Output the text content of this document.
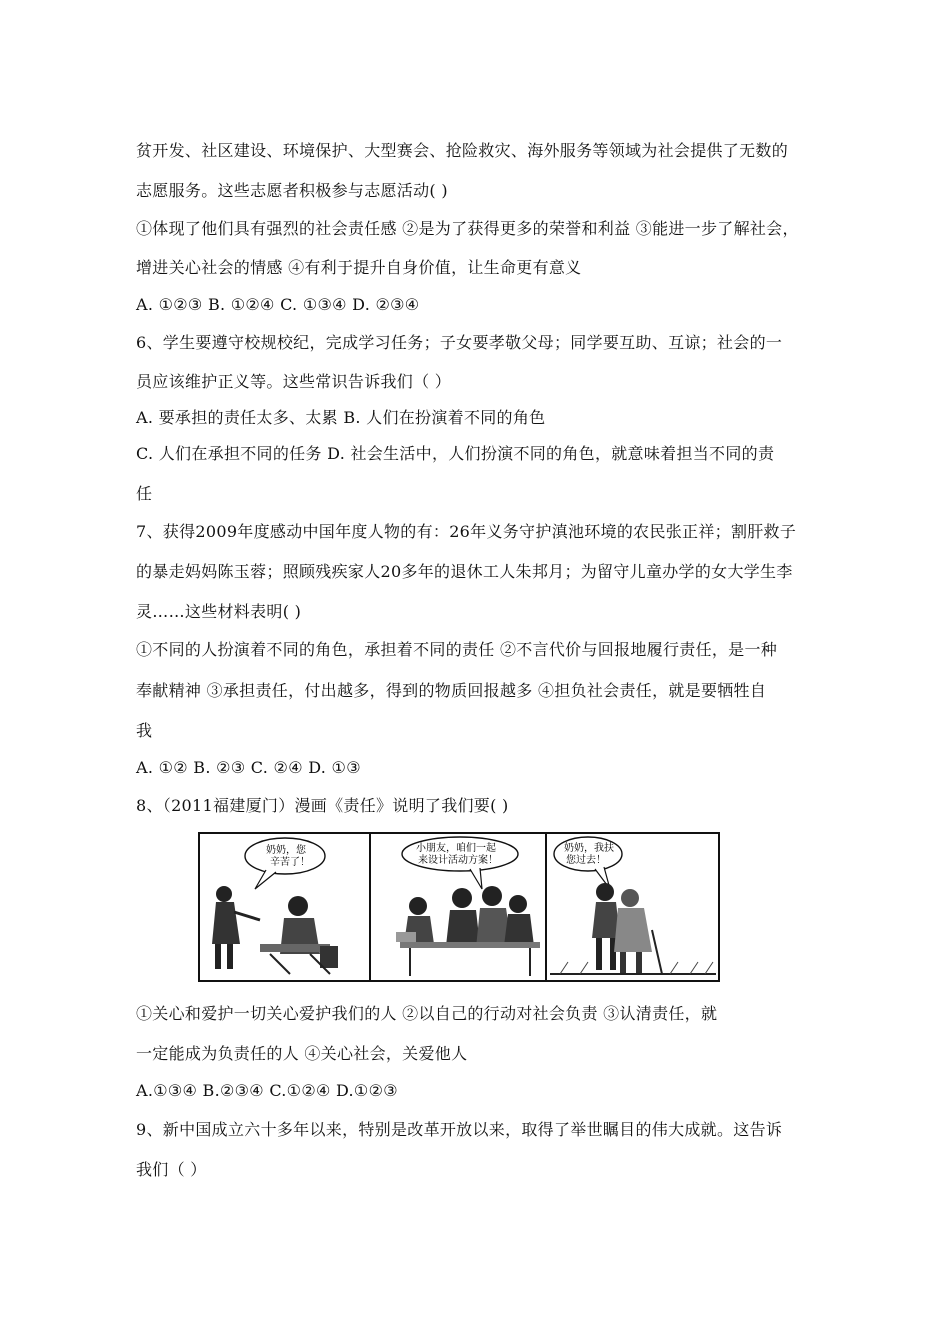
贫开发、社区建设、环境保护、大型赛会、抢险救灾、海外服务等领域为社会提供了无数的
志愿服务。这些志愿者积极参与志愿活动( )
①体现了他们具有强烈的社会责任感 ②是为了获得更多的荣誉和利益 ③能进一步了解社会，
增进关心社会的情感 ④有利于提升自身价值，让生命更有意义
A. ①②③ B. ①②④ C. ①③④ D. ②③④
6、学生要遵守校规校纪，完成学习任务；子女要孝敬父母；同学要互助、互谅；社会的一
员应该维护正义等。这些常识告诉我们（ ）
A. 要承担的责任太多、太累 B. 人们在扮演着不同的角色
C. 人们在承担不同的任务 D. 社会生活中，人们扮演不同的角色，就意味着担当不同的责
任
7、获得2009年度感动中国年度人物的有：26年义务守护滇池环境的农民张正祥；割肝救子
的暴走妈妈陈玉蓉；照顾残疾家人20多年的退休工人朱邦月；为留守儿童办学的女大学生李
灵……这些材料表明( )
①不同的人扮演着不同的角色，承担着不同的责任 ②不言代价与回报地履行责任，是一种
奉献精神 ③承担责任，付出越多，得到的物质回报越多 ④担负社会责任，就是要牺牲自
我
A. ①② B. ②③ C. ②④ D. ①③
8、（2011福建厦门）漫画《责任》说明了我们要( )
奶奶，您
辛苦了！
小朋友，咱们一起
来设计活动方案！
奶奶，我扶
您过去！
①关心和爱护一切关心爱护我们的人 ②以自己的行动对社会负责 ③认清责任，就
一定能成为负责任的人 ④关心社会，关爱他人
A.①③④ B.②③④ C.①②④ D.①②③
9、新中国成立六十多年以来，特别是改革开放以来，取得了举世瞩目的伟大成就。这告诉
我们（ ）
